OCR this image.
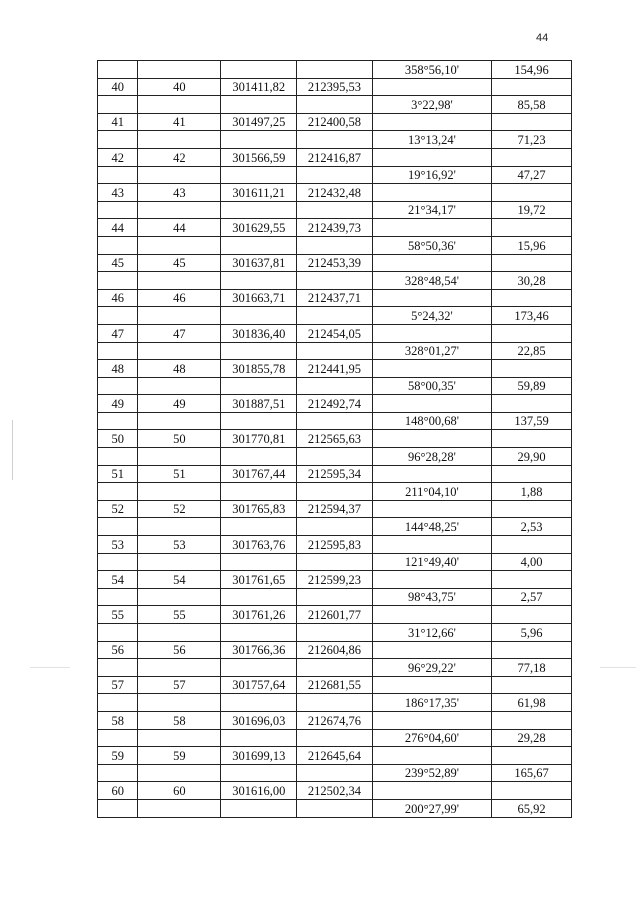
44
				358°56,10'	154,96
40	40	301411,82	212395,53		
				3°22,98'	85,58
41	41	301497,25	212400,58		
				13°13,24'	71,23
42	42	301566,59	212416,87		
				19°16,92'	47,27
43	43	301611,21	212432,48		
				21°34,17'	19,72
44	44	301629,55	212439,73		
				58°50,36'	15,96
45	45	301637,81	212453,39		
				328°48,54'	30,28
46	46	301663,71	212437,71		
				5°24,32'	173,46
47	47	301836,40	212454,05		
				328°01,27'	22,85
48	48	301855,78	212441,95		
				58°00,35'	59,89
49	49	301887,51	212492,74		
				148°00,68'	137,59
50	50	301770,81	212565,63		
				96°28,28'	29,90
51	51	301767,44	212595,34		
				211°04,10'	1,88
52	52	301765,83	212594,37		
				144°48,25'	2,53
53	53	301763,76	212595,83		
				121°49,40'	4,00
54	54	301761,65	212599,23		
				98°43,75'	2,57
55	55	301761,26	212601,77		
				31°12,66'	5,96
56	56	301766,36	212604,86		
				96°29,22'	77,18
57	57	301757,64	212681,55		
				186°17,35'	61,98
58	58	301696,03	212674,76		
				276°04,60'	29,28
59	59	301699,13	212645,64		
				239°52,89'	165,67
60	60	301616,00	212502,34		
				200°27,99'	65,92
